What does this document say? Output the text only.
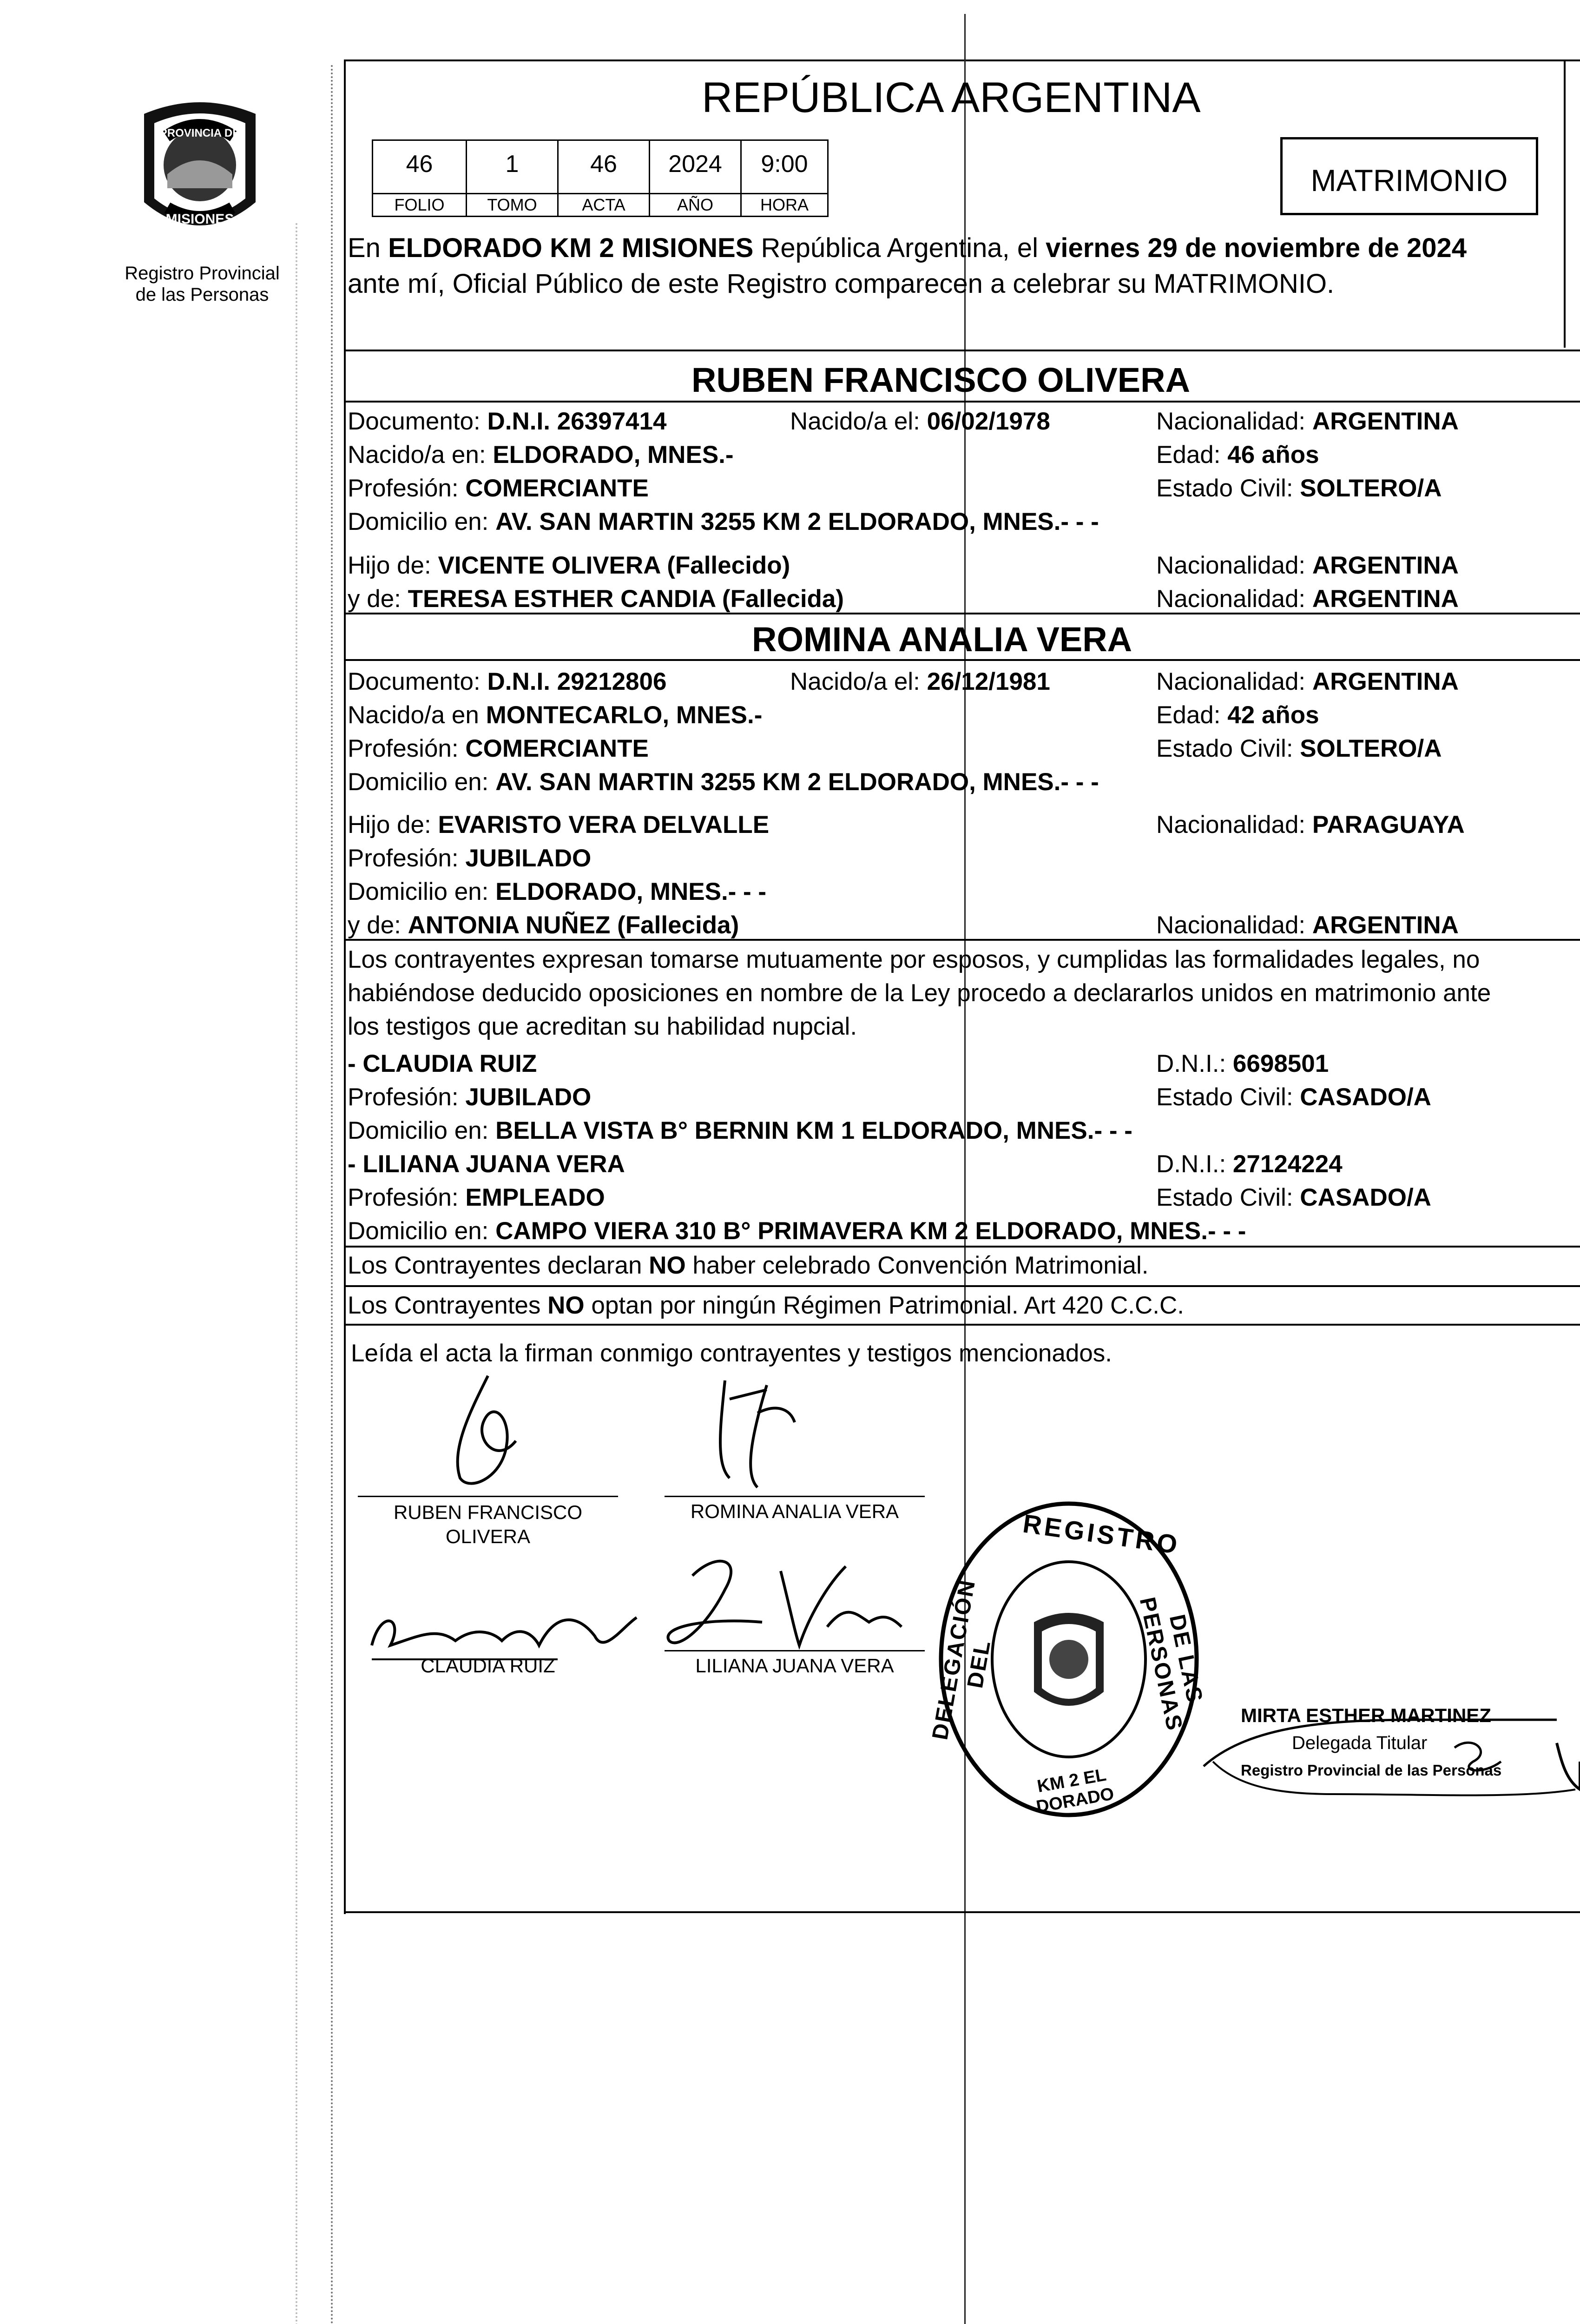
PROVINCIA DE
MISIONES
Registro Provincial
de las Personas
REPÚBLICA ARGENTINA
46	1	46	2024	9:00
FOLIO	TOMO	ACTA	AÑO	HORA
MATRIMONIO
En ELDORADO KM 2 MISIONES República Argentina, el viernes 29 de noviembre de 2024
ante mí, Oficial Público de este Registro comparecen a celebrar su MATRIMONIO.
RUBEN FRANCISCO OLIVERA
Documento: D.N.I. 26397414	Nacido/a el: 06/02/1978	Nacionalidad: ARGENTINA
Nacido/a en: ELDORADO, MNES.-	Edad: 46 años
Profesión: COMERCIANTE	Estado Civil: SOLTERO/A
Domicilio en: AV. SAN MARTIN 3255 KM 2 ELDORADO, MNES.- - -
Hijo de: VICENTE OLIVERA (Fallecido)	Nacionalidad: ARGENTINA
y de: TERESA ESTHER CANDIA (Fallecida)	Nacionalidad: ARGENTINA
ROMINA ANALIA VERA
Documento: D.N.I. 29212806	Nacido/a el: 26/12/1981	Nacionalidad: ARGENTINA
Nacido/a en MONTECARLO, MNES.-	Edad: 42 años
Profesión: COMERCIANTE	Estado Civil: SOLTERO/A
Domicilio en: AV. SAN MARTIN 3255 KM 2 ELDORADO, MNES.- - -
Hijo de: EVARISTO VERA DELVALLE	Nacionalidad: PARAGUAYA
Profesión: JUBILADO
Domicilio en: ELDORADO, MNES.- - -
y de: ANTONIA NUÑEZ (Fallecida)	Nacionalidad: ARGENTINA
Los contrayentes expresan tomarse mutuamente por esposos, y cumplidas las formalidades legales, no
habiéndose deducido oposiciones en nombre de la Ley procedo a declararlos unidos en matrimonio ante
los testigos que acreditan su habilidad nupcial.
- CLAUDIA RUIZ	D.N.I.: 6698501
Profesión: JUBILADO	Estado Civil: CASADO/A
Domicilio en: BELLA VISTA B° BERNIN KM 1 ELDORADO, MNES.- - -
- LILIANA JUANA VERA	D.N.I.: 27124224
Profesión: EMPLEADO	Estado Civil: CASADO/A
Domicilio en: CAMPO VIERA 310 B° PRIMAVERA KM 2 ELDORADO, MNES.- - -
Los Contrayentes declaran NO haber celebrado Convención Matrimonial.
Los Contrayentes NO optan por ningún Régimen Patrimonial. Art 420 C.C.C.
Leída el acta la firman conmigo contrayentes y testigos mencionados.
RUBEN FRANCISCO
OLIVERA
ROMINA ANALIA VERA
CLAUDIA RUIZ	LILIANA JUANA VERA
REGISTRO
DELEGACIÓN DEL	DE LAS PERSONAS
KM 2 EL DORADO
MIRTA ESTHER MARTINEZ
Delegada Titular
Registro Provincial de las Personas
